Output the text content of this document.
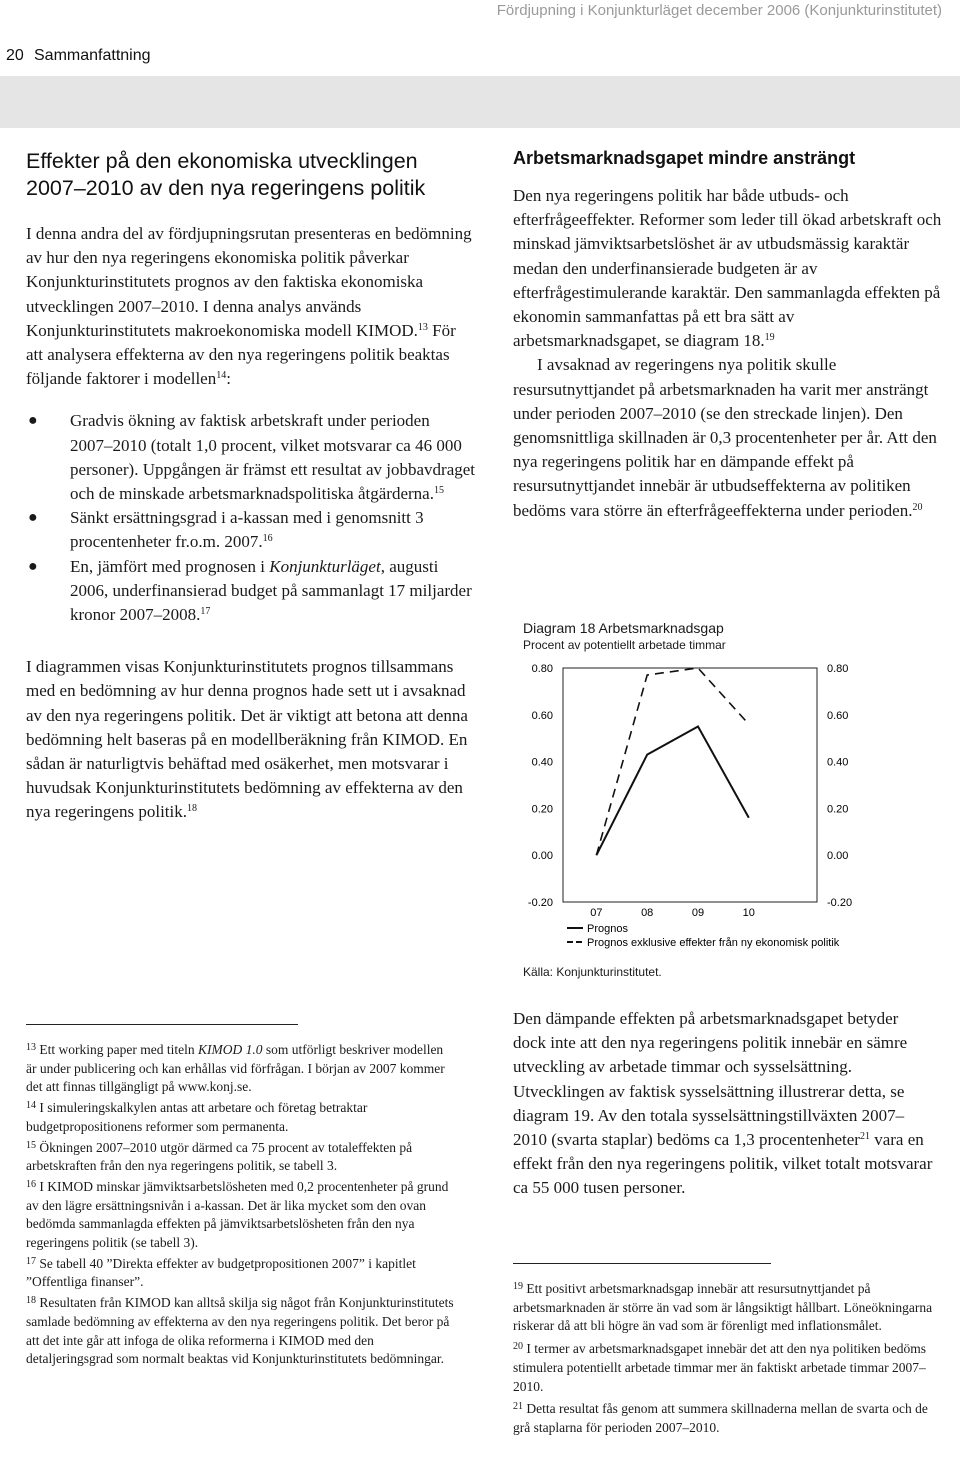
Fördjupning i Konjunkturläget december 2006 (Konjunkturinstitutet)
20 Sammanfattning
Effekter på den ekonomiska utvecklingen 2007–2010 av den nya regeringens politik

I denna andra del av fördjupningsrutan presenteras en bedömning av hur den nya regeringens ekonomiska politik påverkar Konjunkturinstitutets prognos av den faktiska ekonomiska utvecklingen 2007–2010. I denna analys används Konjunkturinstitutets makroekonomiska modell KIMOD.$^{13}$ För att analysera effekterna av den nya regeringens politik beaktas följande faktorer i modellen$^{14}$:

● Gradvis ökning av faktisk arbetskraft under perioden 2007–2010 (totalt 1,0 procent, vilket motsvarar ca 46 000 personer). Uppgången är främst ett resultat av jobbavdraget och de minskade arbetsmarknadspolitiska åtgärderna.$^{15}$
● Sänkt ersättningsgrad i a-kassan med i genomsnitt 3 procentenheter fr.o.m. 2007.16
● En, jämfört med prognosen i Konjunkturläget, augusti 2006, underfinansierad budget på sammanlagt 17 miljarder kronor 2007–2008.17

I diagrammen visas Konjunkturinstitutets prognos tillsammans med en bedömning av hur denna prognos hade sett ut i avsaknad av den nya regeringens politik. Det är viktigt att betona att denna bedömning helt baseras på en modellberäkning från KIMOD. En sådan är naturligtvis behäftad med osäkerhet, men motsvarar i huvudsak Konjunkturinstitutets bedömning av effekterna av den nya regeringens politik.$^{18}$

$^{13}$ Ett working paper med titeln KIMOD 1.0 som utförligt beskriver modellen är under publicering och kan erhållas vid förfrågan. I början av 2007 kommer det att finnas tillgängligt på www.konj.se.

$^{14}$ I simuleringskalkylen antas att arbetare och företag betraktar budgetpropositionens reformer som permanenta.

$^{15}$ Ökningen 2007–2010 utgör därmed ca 75 procent av totaleffekten på arbetskraften från den nya regeringens politik, se tabell 3.

$^{16}$ I KIMOD minskar jämviktsarbetslösheten med 0,2 procentenheter på grund av den lägre ersättningsnivån i a-kassan. Det är lika mycket som den ovan bedömda sammanlagda effekten på jämviktsarbetslösheten från den nya regeringens politik (se tabell 3).

$^{17}$ Se tabell 40 ”Direkta effekter av budgetpropositionen 2007” i kapitlet ”Offentliga finanser”.

$^{18}$ Resultaten från KIMOD kan alltså skilja sig något från Konjunkturinstitutets samlade bedömning av effekterna av den nya regeringens politik. Det beror på att det inte går att infoga de olika reformerna i KIMOD med den detaljeringsgrad som normalt beaktas vid Konjunkturinstitutets bedömningar.

Arbetsmarknadsgapet mindre ansträngt

Den nya regeringens politik har både utbuds- och efterfrågeeffekter. Reformer som leder till ökad arbetskraft och minskad jämviktsarbetslöshet är av utbudsmässig karaktär medan den underfinansierade budgeten är av efterfrågestimulerande karaktär. Den sammanlagda effekten på ekonomin sammanfattas på ett bra sätt av arbetsmarknadsgapet, se diagram 18.19

I avsaknad av regeringens nya politik skulle resursutnyttjandet på arbetsmarknaden ha varit mer ansträngt under perioden 2007–2010 (se den streckade linjen). Den genomsnittliga skillnaden är 0,3 procentenheter per år. Att den nya regeringens politik har en dämpande effekt på resursutnyttjandet innebär är utbudseffekterna av politiken bedöms vara större än efterfrågeeffekterna under perioden.$^{20}$

Diagram 18 Arbetsmarknadsgap
Procent av potentiellt arbetade timmar
0.80	0.80
0.60	0.60
0.40	0.40
0.20	0.20
0.00	0.00
-0.20	-0.20
07	08	09	10
Prognos
Prognos exklusive effekter från ny ekonomisk politik
Källa: Konjunkturinstitutet.

Den dämpande effekten på arbetsmarknadsgapet betyder dock inte att den nya regeringens politik innebär en sämre utveckling av arbetade timmar och sysselsättning. Utvecklingen av faktisk sysselsättning illustrerar detta, se diagram 19. Av den totala sysselsättningstillväxten 2007–2010 (svarta staplar) bedöms ca 1,3 procentenheter$^{21}$ vara en effekt från den nya regeringens politik, vilket totalt motsvarar ca 55 000 tusen personer.

$^{19}$ Ett positivt arbetsmarknadsgap innebär att resursutnyttjandet på arbetsmarknaden är större än vad som är långsiktigt hållbart. Löneökningarna riskerar då att bli högre än vad som är förenligt med inflationsmålet.

$^{20}$ I termer av arbetsmarknadsgapet innebär det att den nya politiken bedöms stimulera potentiellt arbetade timmar mer än faktiskt arbetade timmar 2007–2010.

$^{21}$ Detta resultat fås genom att summera skillnaderna mellan de svarta och de grå staplarna för perioden 2007–2010.
